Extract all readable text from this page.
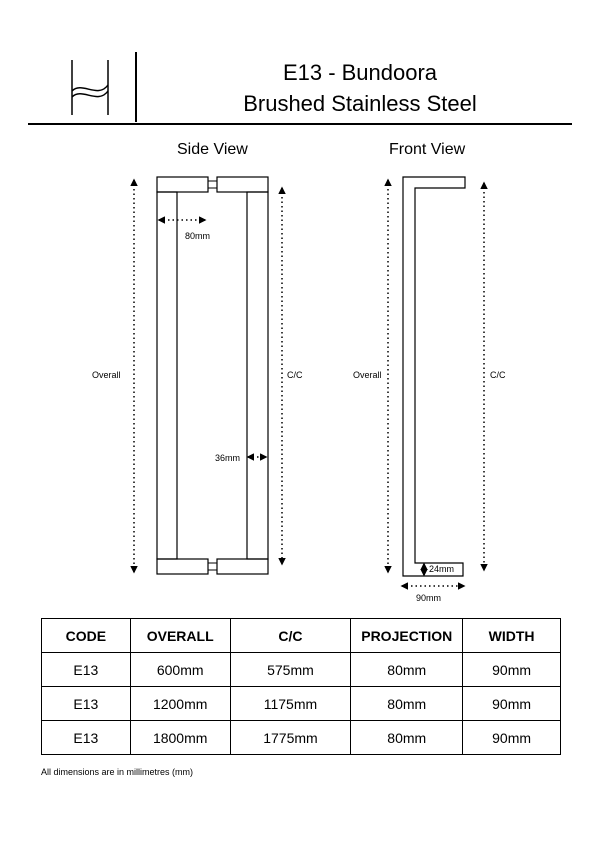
E13 - Bundoora
Brushed Stainless Steel
Side View	Front View
Overall	C/C
80mm
36mm
Overall	C/C
24mm
90mm
CODE	OVERALL	C/C	PROJECTION	WIDTH
E13	600mm	575mm	80mm	90mm
E13	1200mm	1175mm	80mm	90mm
E13	1800mm	1775mm	80mm	90mm
All dimensions are in millimetres (mm)
